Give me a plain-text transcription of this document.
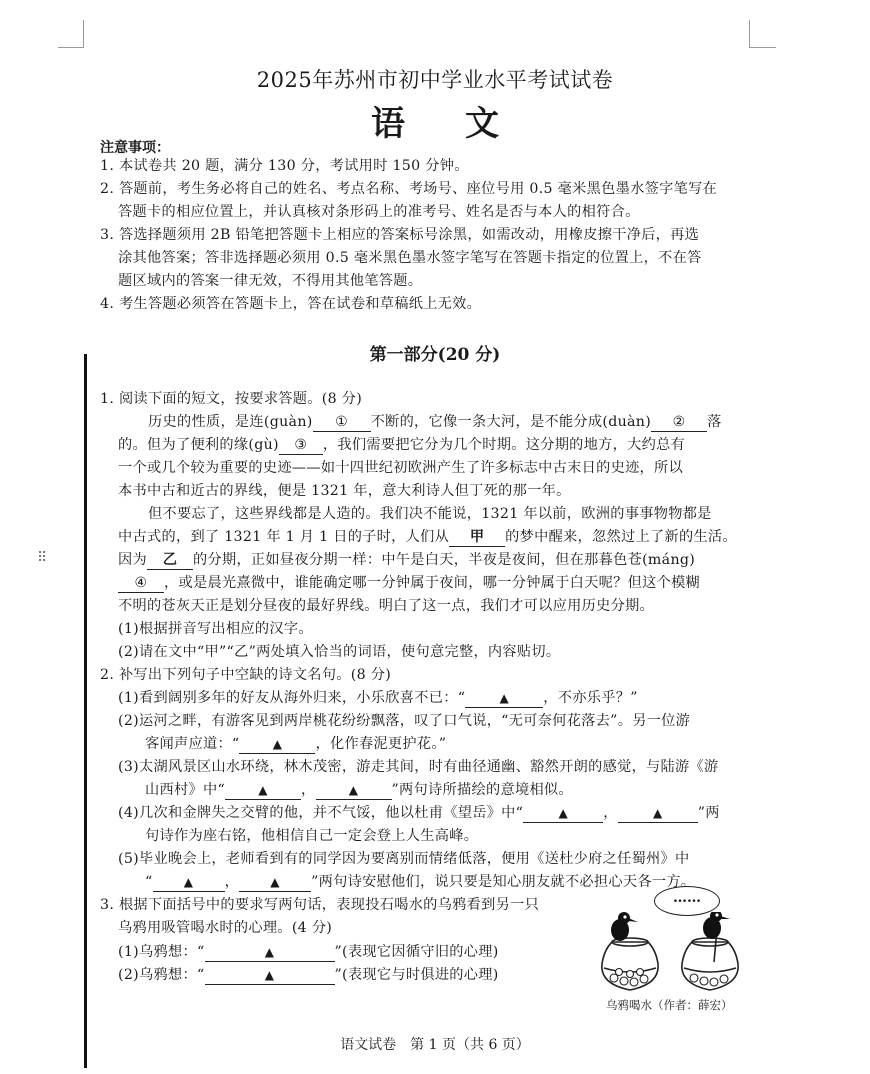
⠿
2025年苏州市初中学业水平考试试卷
语文
注意事项：
1. 本试卷共 20 题，满分 130 分，考试用时 150 分钟。
2. 答题前，考生务必将自己的姓名、考点名称、考场号、座位号用 0.5 毫米黑色墨水签字笔写在
答题卡的相应位置上，并认真核对条形码上的准考号、姓名是否与本人的相符合。
3. 答选择题须用 2B 铅笔把答题卡上相应的答案标号涂黑，如需改动，用橡皮擦干净后，再选
涂其他答案；答非选择题必须用 0.5 毫米黑色墨水签字笔写在答题卡指定的位置上，不在答
题区域内的答案一律无效，不得用其他笔答题。
4. 考生答题必须答在答题卡上，答在试卷和草稿纸上无效。
第一部分(20 分)
1. 阅读下面的短文，按要求答题。(8 分)
历史的性质，是连(guàn) ① 不断的，它像一条大河，是不能分成(duàn) ② 落
的。但为了便利的缘(gù) ③ ，我们需要把它分为几个时期。这分期的地方，大约总有
一个或几个较为重要的史迹——如十四世纪初欧洲产生了许多标志中古末日的史迹，所以
本书中古和近古的界线，便是 1321 年，意大利诗人但丁死的那一年。
但不要忘了，这些界线都是人造的。我们决不能说，1321 年以前，欧洲的事事物物都是
中古式的，到了 1321 年 1 月 1 日的子时，人们从 甲 的梦中醒来，忽然过上了新的生活。
因为 乙 的分期，正如昼夜分期一样：中午是白天，半夜是夜间，但在那暮色苍(máng)
④ ，或是晨光熹微中，谁能确定哪一分钟属于夜间，哪一分钟属于白天呢？但这个模糊
不明的苍灰天正是划分昼夜的最好界线。明白了这一点，我们才可以应用历史分期。
(1)根据拼音写出相应的汉字。
(2)请在文中“甲”“乙”两处填入恰当的词语，使句意完整，内容贴切。
2. 补写出下列句子中空缺的诗文名句。(8 分)
(1)看到阔别多年的好友从海外归来，小乐欣喜不已：“	▲ ，不亦乐乎？”
(2)运河之畔，有游客见到两岸桃花纷纷飘落，叹了口气说，“无可奈何花落去”。另一位游
客闻声应道：“	▲ ，化作春泥更护花。”
(3)太湖风景区山水环绕，林木茂密，游走其间，时有曲径通幽、豁然开朗的感觉，与陆游《游
山西村》中“	▲ ，	▲ ”两句诗所描绘的意境相似。
(4)几次和金牌失之交臂的他，并不气馁，他以杜甫《望岳》中“	▲ ，	▲ ”两
句诗作为座右铭，他相信自己一定会登上人生高峰。
(5)毕业晚会上，老师看到有的同学因为要离别而情绪低落，便用《送杜少府之任蜀州》中
“	▲ ，	▲ ”两句诗安慰他们，说只要是知心朋友就不必担心天各一方。
3. 根据下面括号中的要求写两句话，表现投石喝水的乌鸦看到另一只
乌鸦用吸管喝水时的心理。(4 分)
(1)乌鸦想：“	▲	”(表现它因循守旧的心理)
(2)乌鸦想：“	▲	”(表现它与时俱进的心理)
……
乌鸦喝水（作者：薛宏）
语文试卷　第 1 页（共 6 页）
